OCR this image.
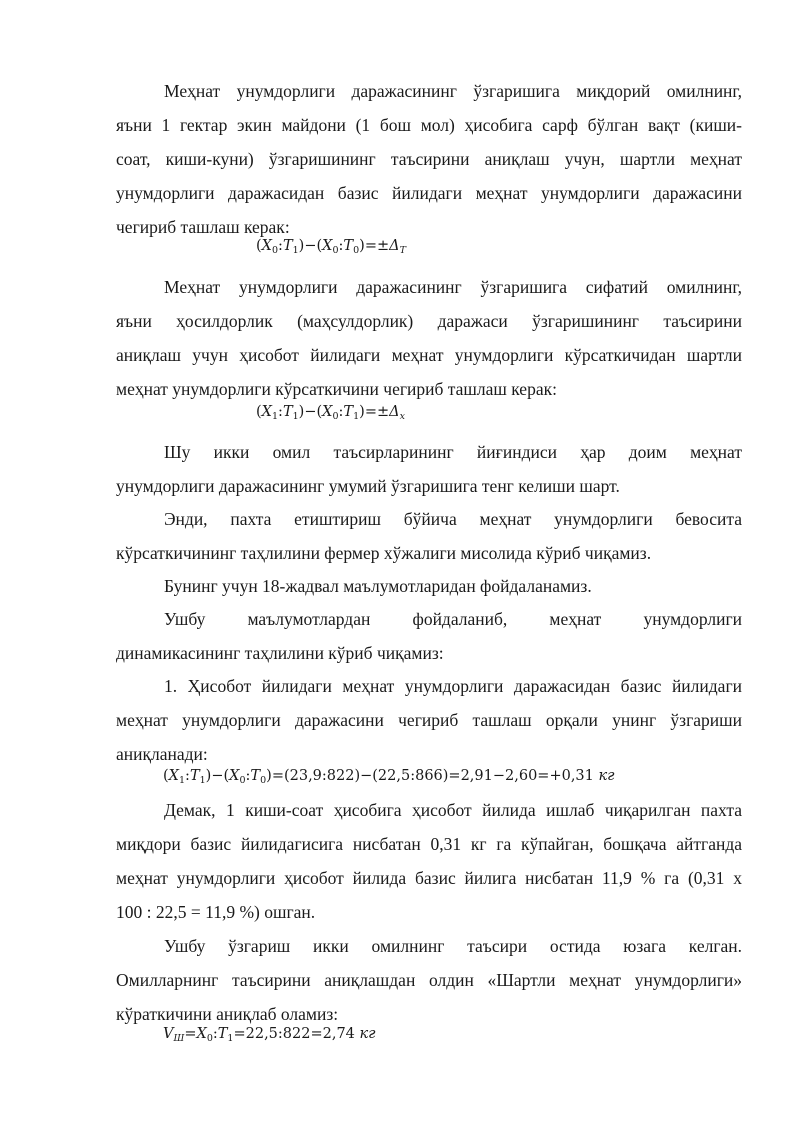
Меҳнат унумдорлиги даражасининг ўзгаришига миқдорий омилнинг,

яъни 1 гектар экин майдони (1 бош мол) ҳисобига сарф бўлган вақт (киши-

соат, киши-куни) ўзгаришининг таъсирини аниқлаш учун, шартли меҳнат

унумдорлиги даражасидан базис йилидаги меҳнат унумдорлиги даражасини

чегириб ташлаш керак:

$(X_0:T_1)-(X_0:T_0)=\pm\Delta_T$

Меҳнат унумдорлиги даражасининг ўзгаришига сифатий омилнинг,

яъни ҳосилдорлик (маҳсулдорлик) даражаси ўзгаришининг таъсирини

аниқлаш учун ҳисобот йилидаги меҳнат унумдорлиги кўрсаткичидан шартли

меҳнат унумдорлиги кўрсаткичини чегириб ташлаш керак:

$(X_1:T_1)-(X_0:T_1)=\pm\Delta_x$

Шу икки омил таъсирларининг йиғиндиси ҳар доим меҳнат

унумдорлиги даражасининг умумий ўзгаришига тенг келиши шарт.

Энди, пахта етиштириш бўйича меҳнат унумдорлиги бевосита

кўрсаткичининг таҳлилини фермер хўжалиги мисолида кўриб чиқамиз.

Бунинг учун 18-жадвал маълумотларидан фойдаланамиз.

Ушбу маълумотлардан фойдаланиб, меҳнат унумдорлиги

динамикасининг таҳлилини кўриб чиқамиз:

1. Ҳисобот йилидаги меҳнат унумдорлиги даражасидан базис йилидаги

меҳнат унумдорлиги даражасини чегириб ташлаш орқали унинг ўзгариши

аниқланади:

$(X_1:T_1)-(X_0:T_0)=(23,9:822)-(22,5:866)=2,91-2,60=+0,31$ кг

Демак, 1 киши-соат ҳисобига ҳисобот йилида ишлаб чиқарилган пахта

миқдори базис йилидагисига нисбатан 0,31 кг га кўпайган, бошқача айтганда

меҳнат унумдорлиги ҳисобот йилида базис йилига нисбатан 11,9 % га (0,31 х

100 : 22,5 = 11,9 %) ошган.

Ушбу ўзгариш икки омилнинг таъсири остида юзага келган.

Омилларнинг таъсирини аниқлашдан олдин «Шартли меҳнат унумдорлиги»

кўраткичини аниқлаб оламиз:

$V_Ш=X_0:T_1=22,5:822=2,74$ кг
